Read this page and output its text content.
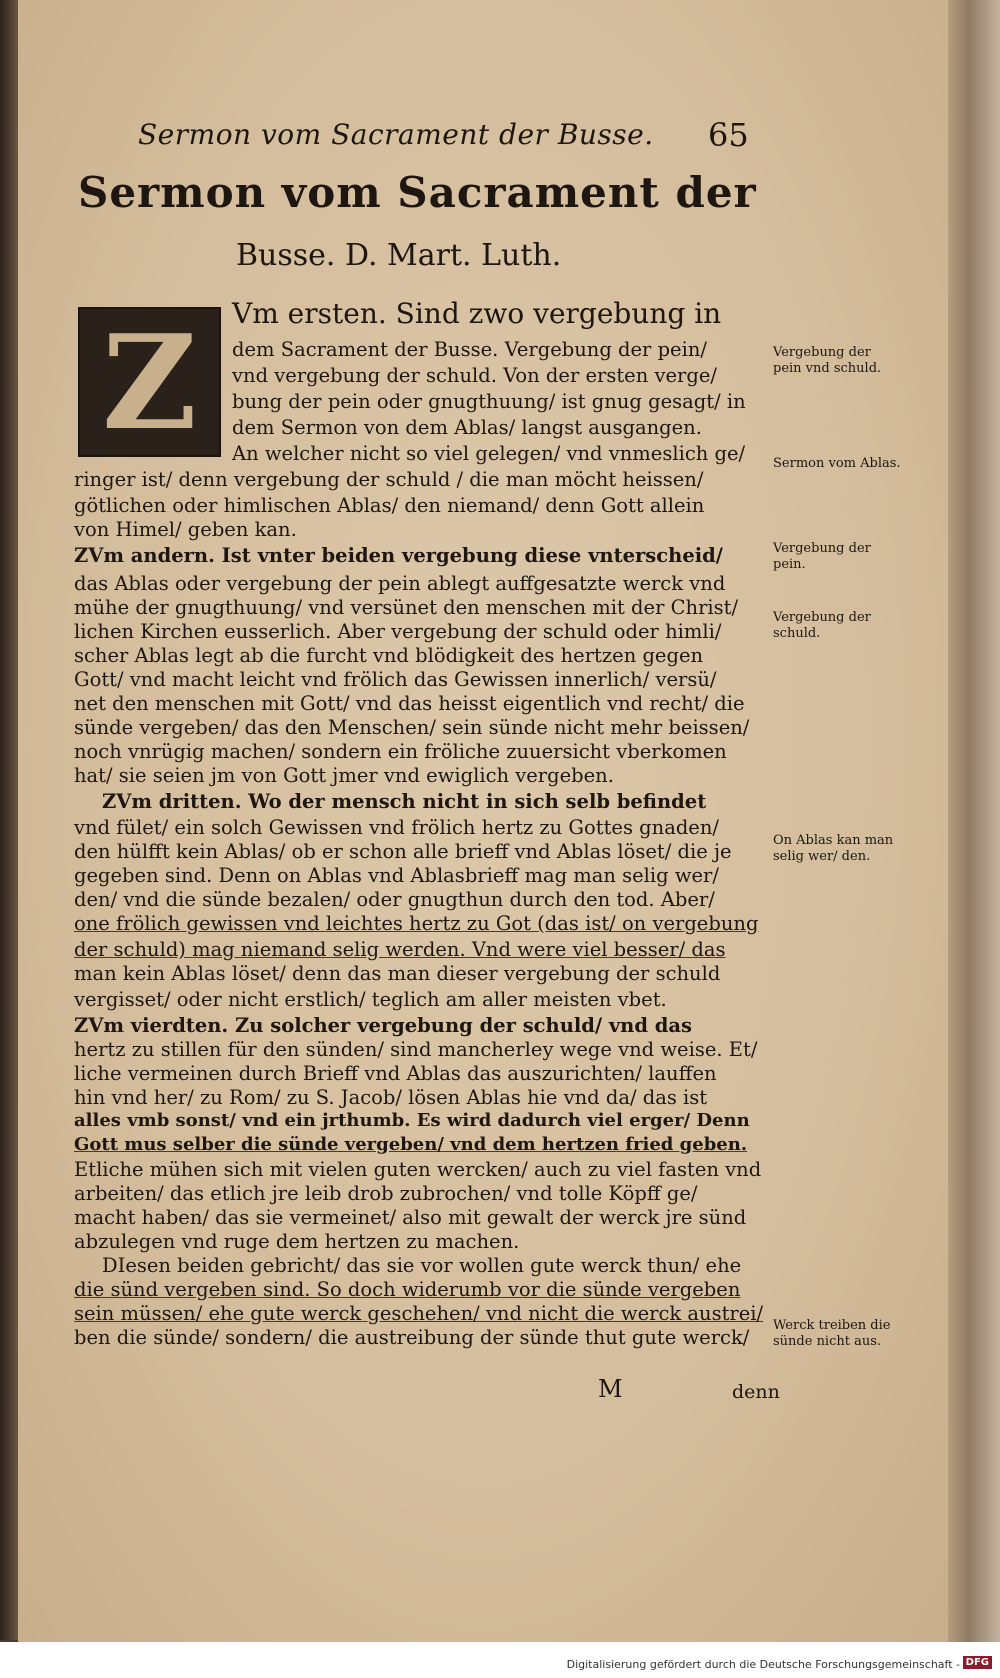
Sermon vom Sacrament der Busse. 65
Sermon vom Sacrament der
Busse. D. Mart. Luth.
Z	Vm ersten. Sind zwo vergebung in
dem Sacrament der Busse. Vergebung der pein/
vnd vergebung der schuld. Von der ersten verge/
bung der pein oder gnugthuung/ ist gnug gesagt/ in
dem Sermon von dem Ablas/ langst ausgangen.
An welcher nicht so viel gelegen/ vnd vnmeslich ge/
ringer ist/ denn vergebung der schuld / die man möcht heissen/
götlichen oder himlischen Ablas/ den niemand/ denn Gott allein
von Himel/ geben kan.
ZVm andern. Ist vnter beiden vergebung diese vnterscheid/
das Ablas oder vergebung der pein ablegt auffgesatzte werck vnd
mühe der gnugthuung/ vnd versünet den menschen mit der Christ/
lichen Kirchen eusserlich. Aber vergebung der schuld oder himli/
scher Ablas legt ab die furcht vnd blödigkeit des hertzen gegen
Gott/ vnd macht leicht vnd frölich das Gewissen innerlich/ versü/
net den menschen mit Gott/ vnd das heisst eigentlich vnd recht/ die
sünde vergeben/ das den Menschen/ sein sünde nicht mehr beissen/
noch vnrügig machen/ sondern ein fröliche zuuersicht vberkomen
hat/ sie seien jm von Gott jmer vnd ewiglich vergeben.
ZVm dritten. Wo der mensch nicht in sich selb befindet
vnd fület/ ein solch Gewissen vnd frölich hertz zu Gottes gnaden/
den hülfft kein Ablas/ ob er schon alle brieff vnd Ablas löset/ die je
gegeben sind. Denn on Ablas vnd Ablasbrieff mag man selig wer/
den/ vnd die sünde bezalen/ oder gnugthun durch den tod. Aber/
one frölich gewissen vnd leichtes hertz zu Got (das ist/ on vergebung
der schuld) mag niemand selig werden. Vnd were viel besser/ das
man kein Ablas löset/ denn das man dieser vergebung der schuld
vergisset/ oder nicht erstlich/ teglich am aller meisten vbet.
ZVm vierdten. Zu solcher vergebung der schuld/ vnd das
hertz zu stillen für den sünden/ sind mancherley wege vnd weise. Et/
liche vermeinen durch Brieff vnd Ablas das auszurichten/ lauffen
hin vnd her/ zu Rom/ zu S. Jacob/ lösen Ablas hie vnd da/ das ist
alles vmb sonst/ vnd ein jrthumb. Es wird dadurch viel erger/ Denn
Gott mus selber die sünde vergeben/ vnd dem hertzen fried geben.
Etliche mühen sich mit vielen guten wercken/ auch zu viel fasten vnd
arbeiten/ das etlich jre leib drob zubrochen/ vnd tolle Köpff ge/
macht haben/ das sie vermeinet/ also mit gewalt der werck jre sünd
abzulegen vnd ruge dem hertzen zu machen.
DIesen beiden gebricht/ das sie vor wollen gute werck thun/ ehe
die sünd vergeben sind. So doch widerumb vor die sünde vergeben
sein müssen/ ehe gute werck geschehen/ vnd nicht die werck austrei/
ben die sünde/ sondern/ die austreibung der sünde thut gute werck/
Vergebung der pein vnd schuld.
Sermon vom Ablas.
Vergebung der pein.
Vergebung der schuld.
On Ablas kan man selig wer/ den.
Werck treiben die sünde nicht aus.
M	denn
Digitalisierung gefördert durch die Deutsche Forschungsgemeinschaft - DFG
